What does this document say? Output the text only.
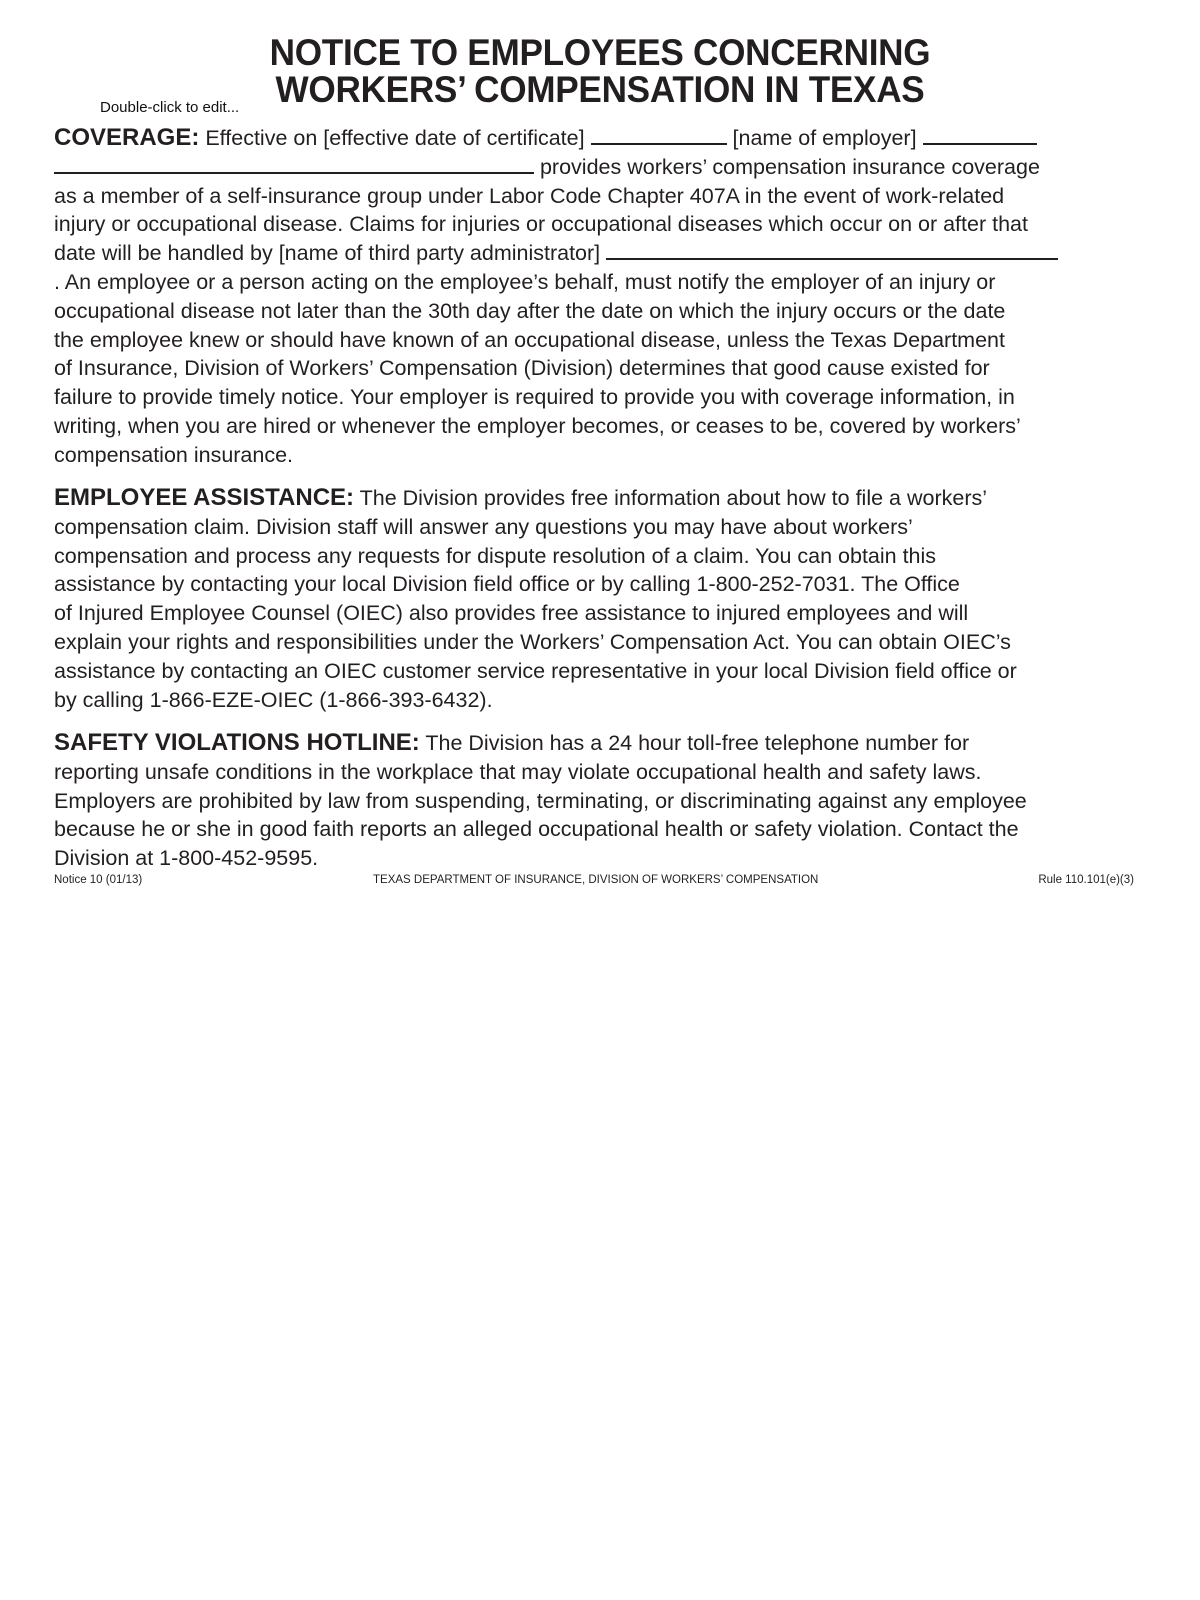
NOTICE TO EMPLOYEES CONCERNING
WORKERS’ COMPENSATION IN TEXAS
Double-click to edit...
COVERAGE: Effective on [effective date of certificate]	[name of employer]
provides workers’ compensation insurance coverage
as a member of a self-insurance group under Labor Code Chapter 407A in the event of work-related
injury or occupational disease. Claims for injuries or occupational diseases which occur on or after that
date will be handled by [name of third party administrator]
. An employee or a person acting on the employee’s behalf, must notify the employer of an injury or
occupational disease not later than the 30th day after the date on which the injury occurs or the date
the employee knew or should have known of an occupational disease, unless the Texas Department
of Insurance, Division of Workers’ Compensation (Division) determines that good cause existed for
failure to provide timely notice. Your employer is required to provide you with coverage information, in
writing, when you are hired or whenever the employer becomes, or ceases to be, covered by workers’
compensation insurance.
EMPLOYEE ASSISTANCE: The Division provides free information about how to file a workers’
compensation claim. Division staff will answer any questions you may have about workers’
compensation and process any requests for dispute resolution of a claim. You can obtain this
assistance by contacting your local Division field office or by calling 1-800-252-7031. The Office
of Injured Employee Counsel (OIEC) also provides free assistance to injured employees and will
explain your rights and responsibilities under the Workers’ Compensation Act. You can obtain OIEC’s
assistance by contacting an OIEC customer service representative in your local Division field office or
by calling 1-866-EZE-OIEC (1-866-393-6432).
SAFETY VIOLATIONS HOTLINE: The Division has a 24 hour toll-free telephone number for
reporting unsafe conditions in the workplace that may violate occupational health and safety laws.
Employers are prohibited by law from suspending, terminating, or discriminating against any employee
because he or she in good faith reports an alleged occupational health or safety violation. Contact the
Division at 1-800-452-9595.
Notice 10 (01/13)	TEXAS DEPARTMENT OF INSURANCE, DIVISION OF WORKERS’ COMPENSATION	Rule 110.101(e)(3)
